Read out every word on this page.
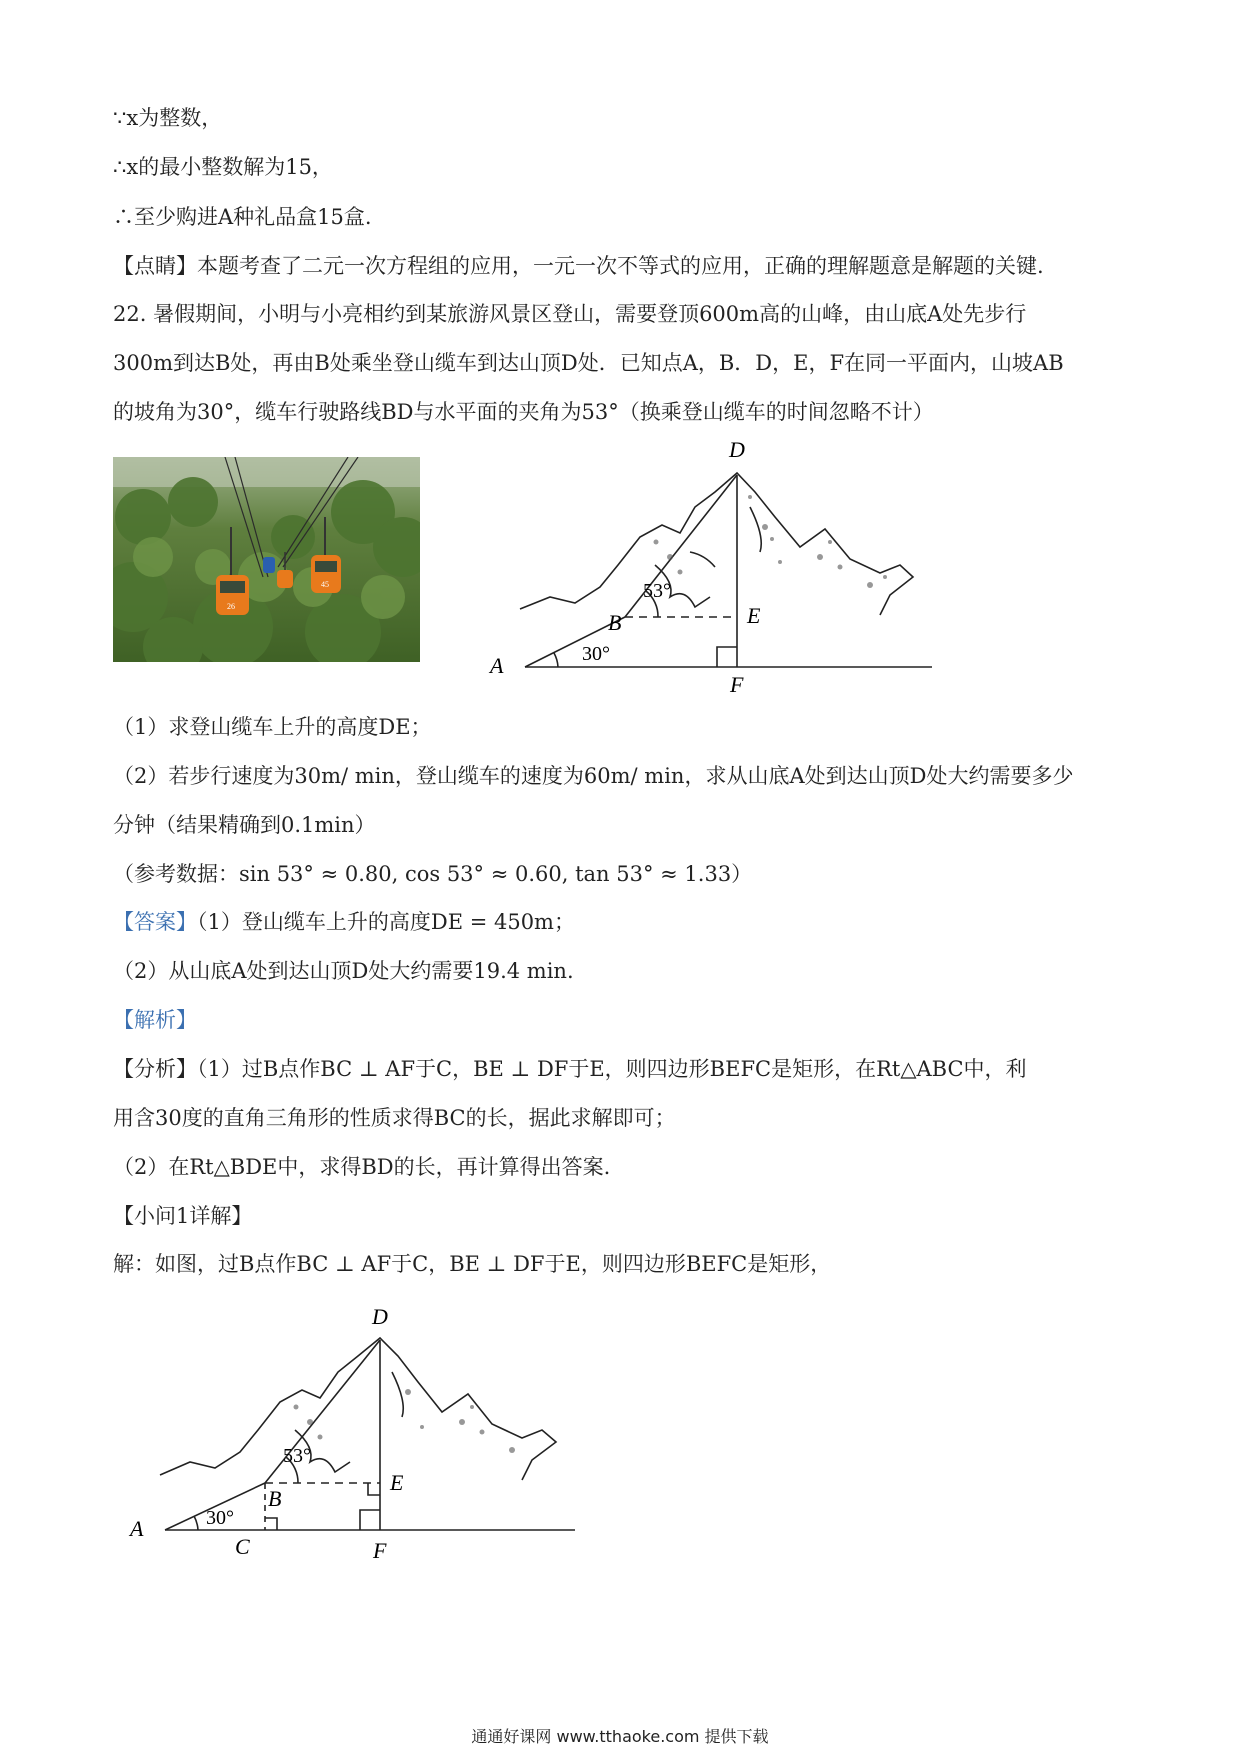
∵x为整数，
∴x的最小整数解为15，
∴至少购进A种礼品盒15盒.
【点睛】本题考查了二元一次方程组的应用，一元一次不等式的应用，正确的理解题意是解题的关键.
22. 暑假期间，小明与小亮相约到某旅游风景区登山，需要登顶600m高的山峰，由山底A处先步行
300m到达B处，再由B处乘坐登山缆车到达山顶D处．已知点A，B．D，E，F在同一平面内，山坡AB
的坡角为30°，缆车行驶路线BD与水平面的夹角为53°（换乘登山缆车的时间忽略不计）
26
45
D
E
F
A
B
53°
30°
（1）求登山缆车上升的高度DE；
（2）若步行速度为30m/ min，登山缆车的速度为60m/ min，求从山底A处到达山顶D处大约需要多少
分钟（结果精确到0.1min）
（参考数据：sin 53° ≈ 0.80, cos 53° ≈ 0.60, tan 53° ≈ 1.33）
【答案】（1）登山缆车上升的高度DE = 450m；
（2）从山底A处到达山顶D处大约需要19.4 min.
【解析】
【分析】（1）过B点作BC ⊥ AF于C，BE ⊥ DF于E，则四边形BEFC是矩形，在Rt△ABC中，利
用含30度的直角三角形的性质求得BC的长，据此求解即可；
（2）在Rt△BDE中，求得BD的长，再计算得出答案.
【小问1详解】
解：如图，过B点作BC ⊥ AF于C，BE ⊥ DF于E，则四边形BEFC是矩形，
D
E
F
A
B
C
53°
30°
通通好课网 www.tthaoke.com 提供下载
